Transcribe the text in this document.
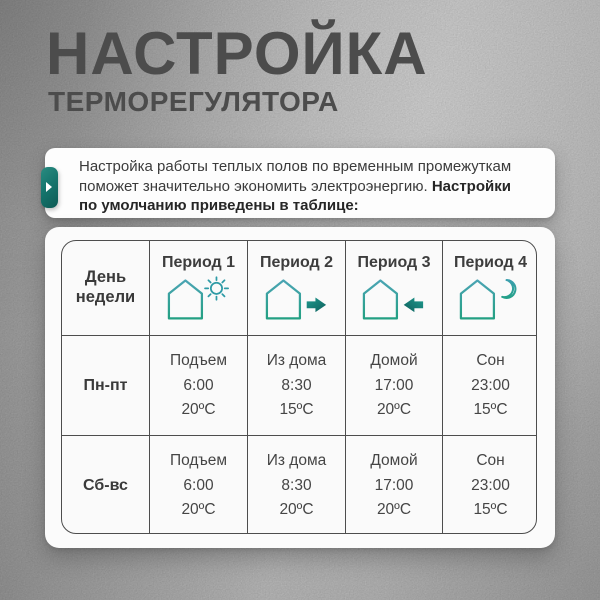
НАСТРОЙКА
ТЕРМОРЕГУЛЯТОРА

Настройка работы теплых полов по временным промежуткам поможет значительно экономить электроэнергию. Настройки по умолчанию приведены в таблице:

День недели
Период 1 Период 2 Период 3 Период 4
Пн-пт
Подъем
6:00
20ºC
Из дома
8:30
15ºC
Домой
17:00
20ºC
Сон
23:00
15ºC
Сб-вс
Подъем
6:00
20ºC
Из дома
8:30
20ºC
Домой
17:00
20ºC
Сон
23:00
15ºC
